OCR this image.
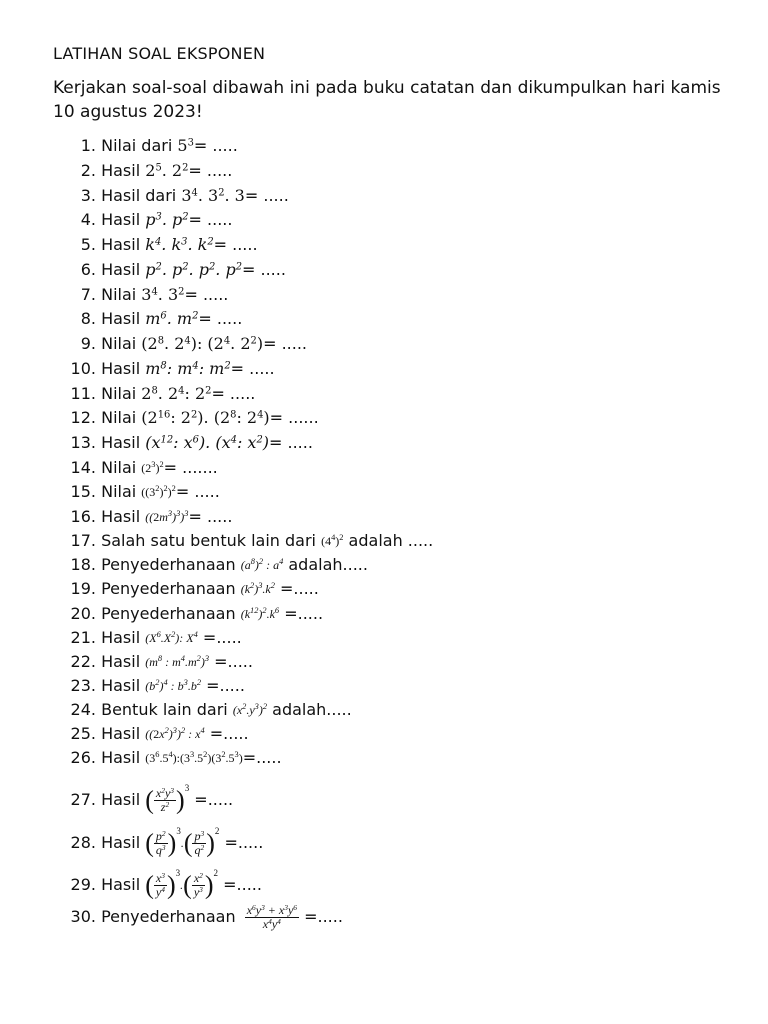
LATIHAN SOAL EKSPONEN
Kerjakan soal-soal dibawah ini pada buku catatan dan dikumpulkan hari kamis 10 agustus 2023!
1. Nilai dari $5^3=$ .....
2. Hasil $2^5$. $2^2=$ .....
3. Hasil dari $3^4$. $3^2$. 3= .....
4. Hasil $p^3$. $p^2=$ .....
5. Hasil $k^4$. $k^3$. $k^2=$ .....
6. Hasil $p^2$. $p^2$. $p^2$. $p^2=$ .....
7. Nilai $3^4$. $3^2=$ .....
8. Hasil $m^6$. $m^2=$ .....
9. Nilai ($2^8$. $2^4$): ($2^4$. $2^2)=$ .....
10. Hasil $m^8$: $m^4$: $m^2=$ .....
11. Nilai $2^8$. $2^4$: $2^2=$ .....
12. Nilai ($2^{16}$: $2^2$). ($2^8$: $2^4)=$ ......
13. Hasil ($x^{12}$: $x^6$). ($x^4$: $x^2)=$ .....
14. Nilai $(2^3)^2=$ .......
15. Nilai $((3^2)^2)^2=$ .....
16. Hasil $((2m^3)^3)^3=$ .....
17. Salah satu bentuk lain dari $(4^4)^2$ adalah .....
18. Penyederhanaan $(a^8)^2$ : $a^4$ adalah.....
19. Penyederhanaan $(k^2)^3.k^2$ =.....
20. Penyederhanaan $(k^{12})^2.k^6$ =.....
21. Hasil $(X^6.X^2)$: $X^4$ =.....
22. Hasil ($m^8$ : $m^4.m^2)^3$ =.....
23. Hasil $(b^2)^4$ : $b^3.b^2$ =.....
24. Bentuk lain dari $(x^2.y^3)^2$ adalah.....
25. Hasil $((2x^2)^3)^2$ : $x^4$ =.....
26. Hasil $(3^6.5^4):(3^3.5^2)(3^2.5^3)=$.....
27. Hasil ( $\frac{x^2y^3}{z^2} )^3$ =.....
28. Hasil ( $\frac{p^2}{q^3} )^3.( \frac{p^3}{q^2} )^2$ =.....
29. Hasil ( $\frac{x^3}{y^4} )^3.( \frac{x^2}{y^3} )^2$ =.....
30. Penyederhanaan $\frac{x^6y^3 + x^3y^6}{x^4y^4}$ =.....
